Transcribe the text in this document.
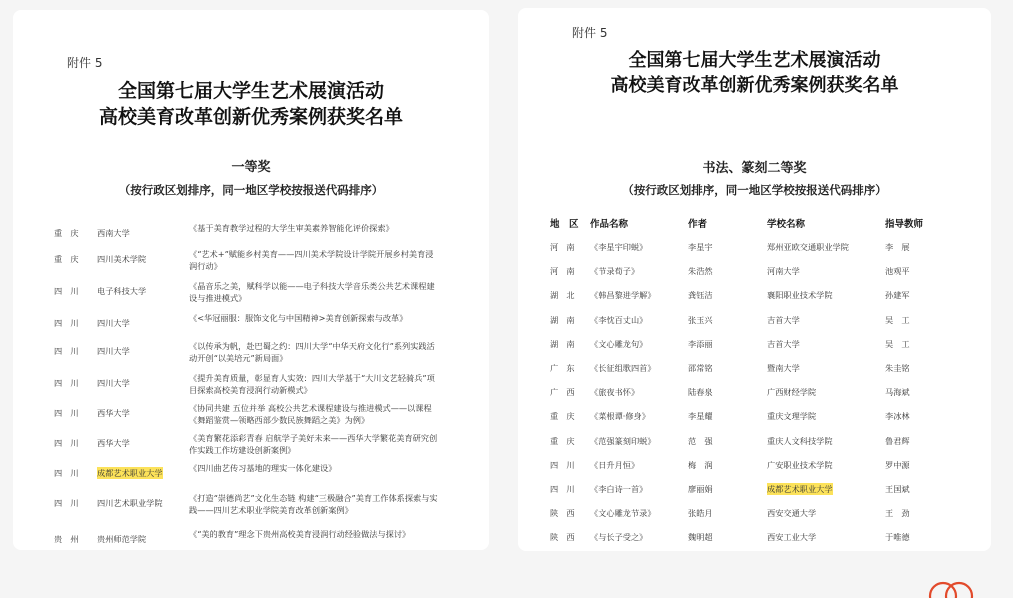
附件 5
全国第七届大学生艺术展演活动
高校美育改革创新优秀案例获奖名单
一等奖
（按行政区划排序，同一地区学校按报送代码排序）
重　庆 西南大学	《基于美育教学过程的大学生审美素养智能化评价探索》
重　庆 四川美术学院	《“艺术+”赋能乡村美育——四川美术学院设计学院开展乡村美育浸润行动》
四　川 电子科技大学	《晶音乐之美，赋科学以能——电子科技大学音乐类公共艺术课程建设与推进模式》
四　川 四川大学	《<华冠丽服：服饰文化与中国精神>美育创新探索与改革》
四　川 四川大学	《以传承为帆，赴巴蜀之约：四川大学“中华天府文化行”系列实践活动开创“以美培元”新局面》
四　川 四川大学	《提升美育质量，彰显育人实效：四川大学基于“大川文艺轻骑兵”项目探索高校美育浸润行动新模式》
四　川 西华大学	《协同共建 五位并举 高校公共艺术课程建设与推进模式——以课程《舞蹈鉴赏—领略西部少数民族舞蹈之美》为例》
四　川 西华大学	《美育繁花添彩青春 启航学子美好未来——西华大学繁花美育研究创作实践工作坊建设创新案例》
四　川 成都艺术职业大学	《四川曲艺传习基地的理实一体化建设》
四　川 四川艺术职业学院	《打造“崇德尚艺”文化生态链 构建“三极融合”美育工作体系探索与实践——四川艺术职业学院美育改革创新案例》
贵　州 贵州师范学院	《“美的教育”理念下贵州高校美育浸润行动经验做法与探讨》
附件 5
全国第七届大学生艺术展演活动
高校美育改革创新优秀案例获奖名单
书法、篆刻二等奖
（按行政区划排序，同一地区学校按报送代码排序）
地　区 作品名称	作者	学校名称	指导教师
河　南 《李星宇印蜕》	李星宇	郑州亚欧交通职业学院	李　展
河　南 《节录荀子》	朱浩然	河南大学	池观平
湖　北 《韩昌黎进学解》	龚钰洁	襄阳职业技术学院	孙建军
湖　南 《李忱百丈山》	张玉兴	吉首大学	吴　工
湖　南 《文心雕龙句》	李添丽	吉首大学	吴　工
广　东 《长征组歌四首》	邵常铭	暨南大学	朱圭铭
广　西 《旅夜书怀》	陆春泉	广西财经学院	马海斌
重　庆 《菜根谭·修身》	李星耀	重庆文理学院	李冰林
重　庆 《范强篆刻印蜕》	范　强	重庆人文科技学院	鲁君辉
四　川 《日升月恒》	梅　润	广安职业技术学院	罗中源
四　川 《李白诗一首》	廖丽娟	成都艺术职业大学	王国斌
陕　西 《文心雕龙节录》	张皓月	西安交通大学	王　劲
陕　西 《与长子受之》	魏明超	西安工业大学	于唯德
